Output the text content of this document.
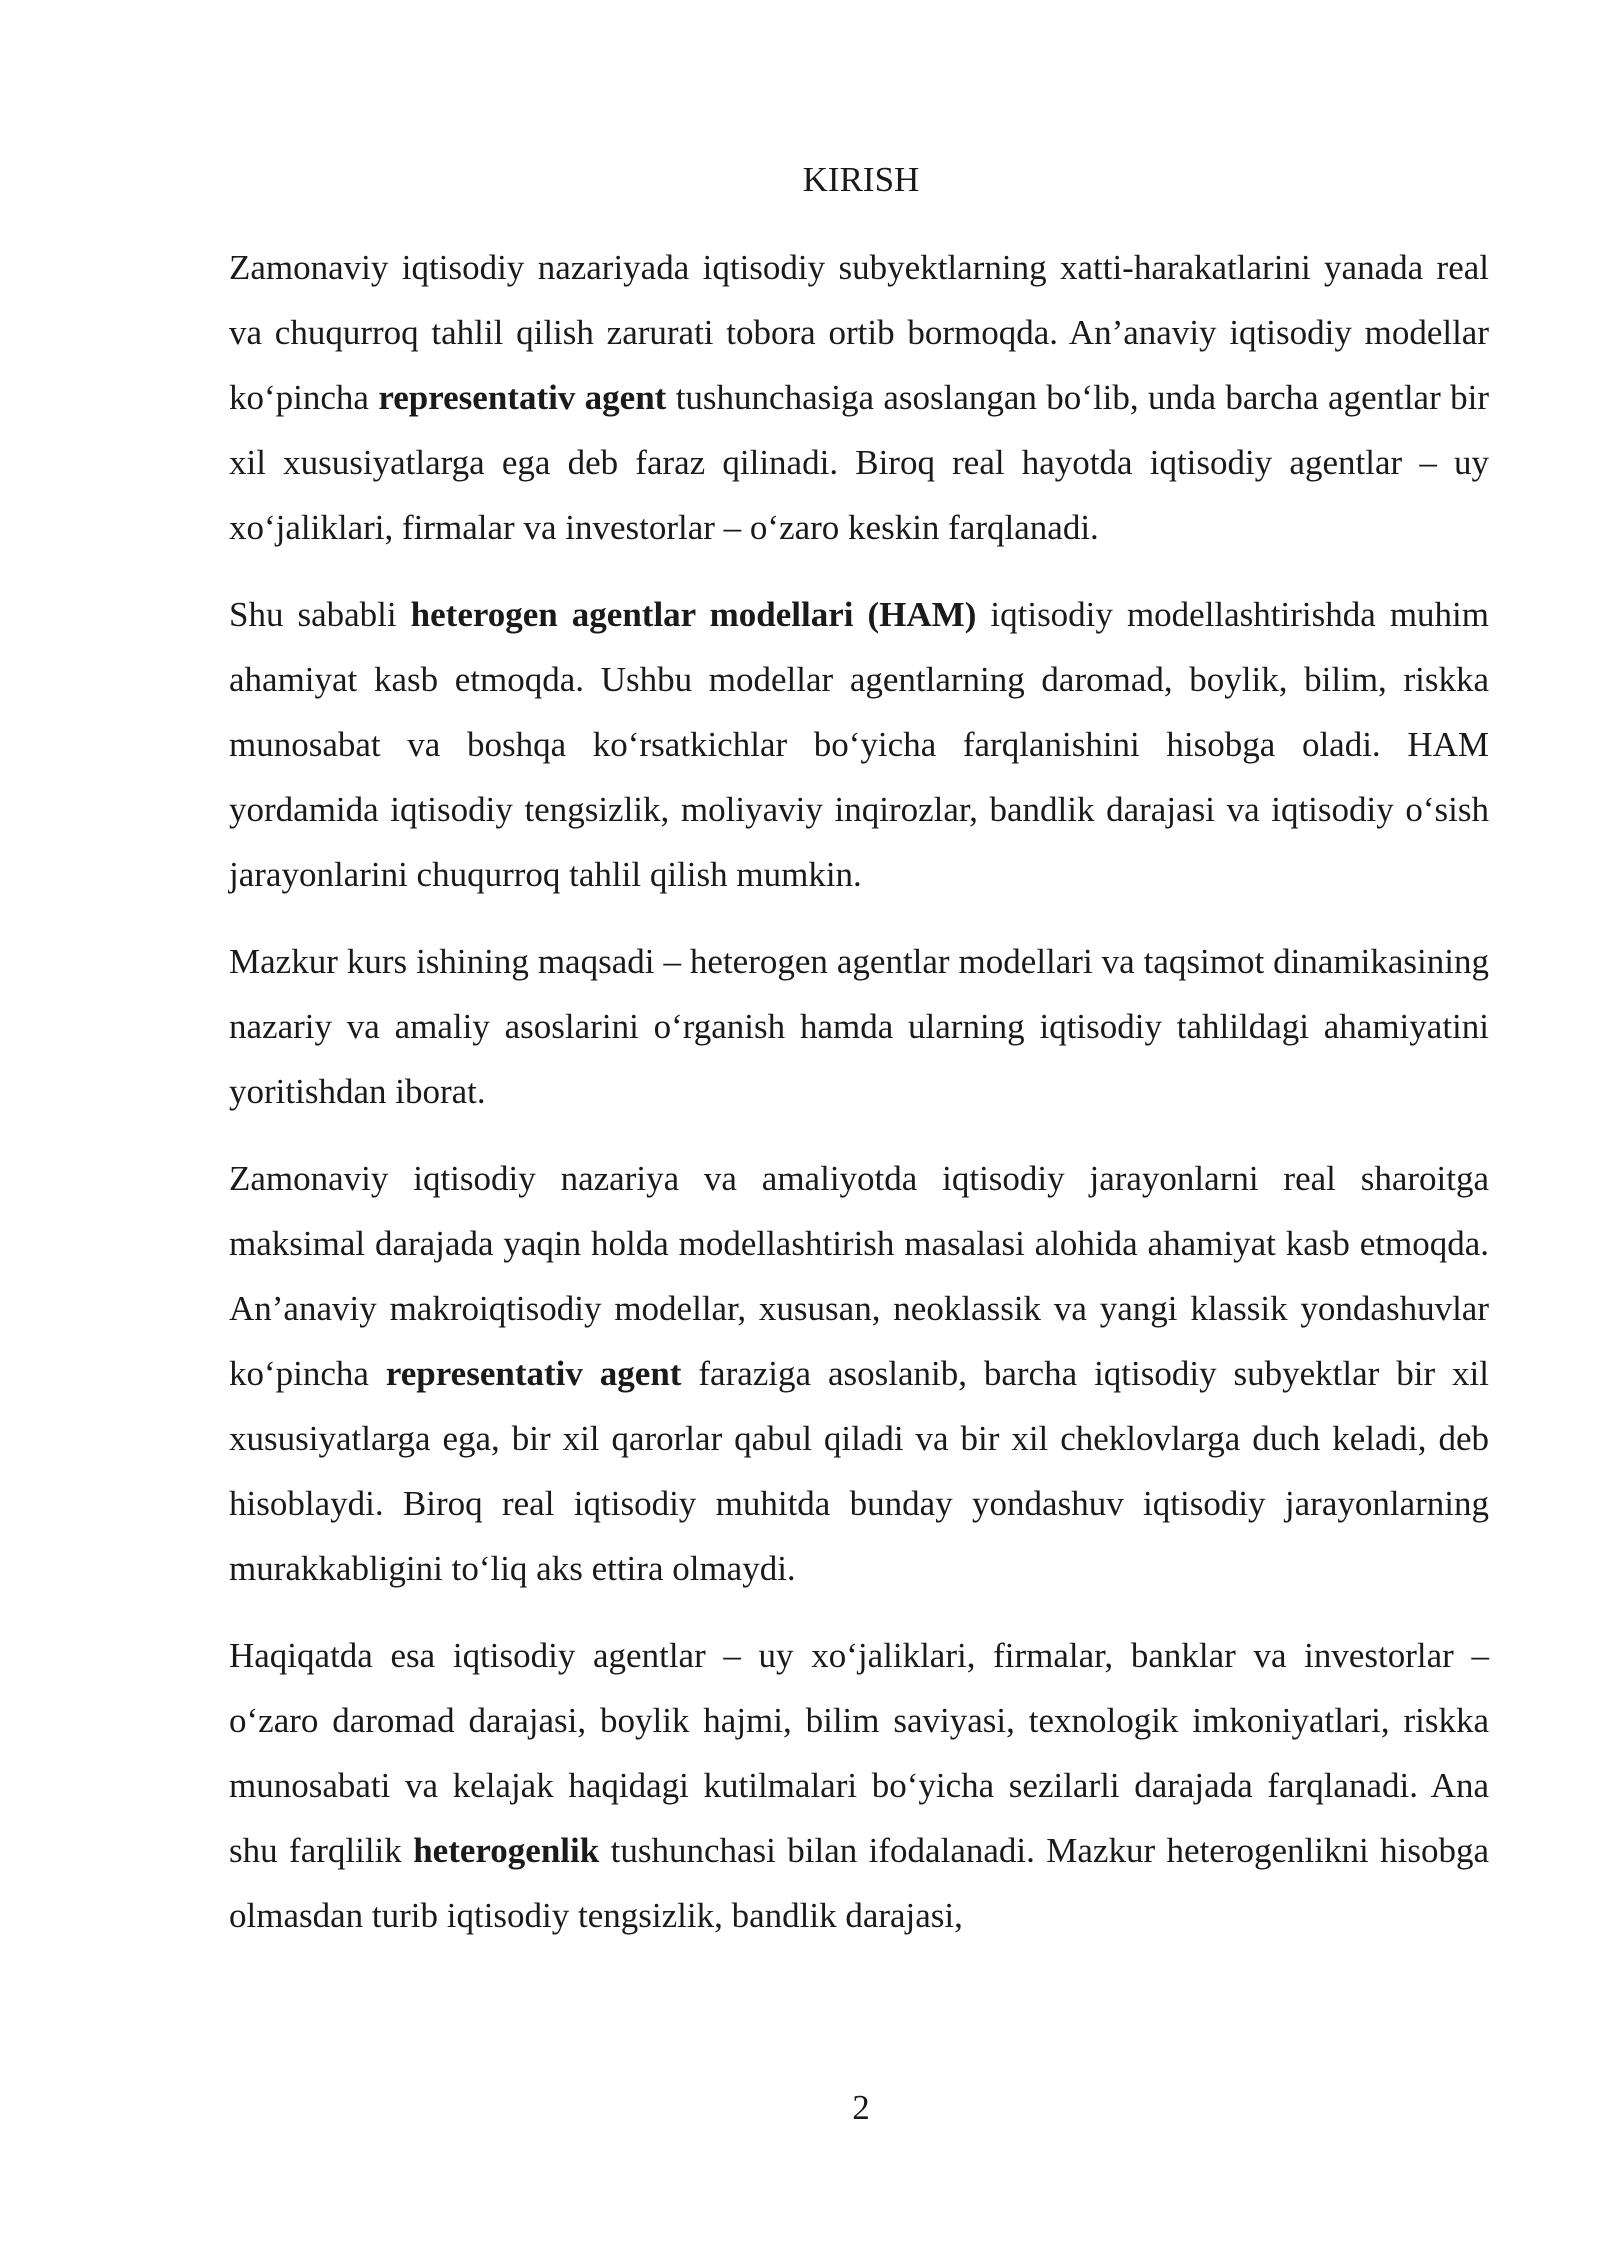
KIRISH

Zamonaviy iqtisodiy nazariyada iqtisodiy subyektlarning xatti-harakatlarini yanada real va chuqurroq tahlil qilish zarurati tobora ortib bormoqda. An’anaviy iqtisodiy modellar ko‘pincha representativ agent tushunchasiga asoslangan bo‘lib, unda barcha agentlar bir xil xususiyatlarga ega deb faraz qilinadi. Biroq real hayotda iqtisodiy agentlar – uy xo‘jaliklari, firmalar va investorlar – o‘zaro keskin farqlanadi.

Shu sababli heterogen agentlar modellari (HAM) iqtisodiy modellashtirishda muhim ahamiyat kasb etmoqda. Ushbu modellar agentlarning daromad, boylik, bilim, riskka munosabat va boshqa ko‘rsatkichlar bo‘yicha farqlanishini hisobga oladi. HAM yordamida iqtisodiy tengsizlik, moliyaviy inqirozlar, bandlik darajasi va iqtisodiy o‘sish jarayonlarini chuqurroq tahlil qilish mumkin.

Mazkur kurs ishining maqsadi – heterogen agentlar modellari va taqsimot dinamikasining nazariy va amaliy asoslarini o‘rganish hamda ularning iqtisodiy tahlildagi ahamiyatini yoritishdan iborat.

Zamonaviy iqtisodiy nazariya va amaliyotda iqtisodiy jarayonlarni real sharoitga maksimal darajada yaqin holda modellashtirish masalasi alohida ahamiyat kasb etmoqda. An’anaviy makroiqtisodiy modellar, xususan, neoklassik va yangi klassik yondashuvlar ko‘pincha representativ agent faraziga asoslanib, barcha iqtisodiy subyektlar bir xil xususiyatlarga ega, bir xil qarorlar qabul qiladi va bir xil cheklovlarga duch keladi, deb hisoblaydi. Biroq real iqtisodiy muhitda bunday yondashuv iqtisodiy jarayonlarning murakkabligini to‘liq aks ettira olmaydi.

Haqiqatda esa iqtisodiy agentlar – uy xo‘jaliklari, firmalar, banklar va investorlar – o‘zaro daromad darajasi, boylik hajmi, bilim saviyasi, texnologik imkoniyatlari, riskka munosabati va kelajak haqidagi kutilmalari bo‘yicha sezilarli darajada farqlanadi. Ana shu farqlilik heterogenlik tushunchasi bilan ifodalanadi. Mazkur heterogenlikni hisobga olmasdan turib iqtisodiy tengsizlik, bandlik darajasi,

2
